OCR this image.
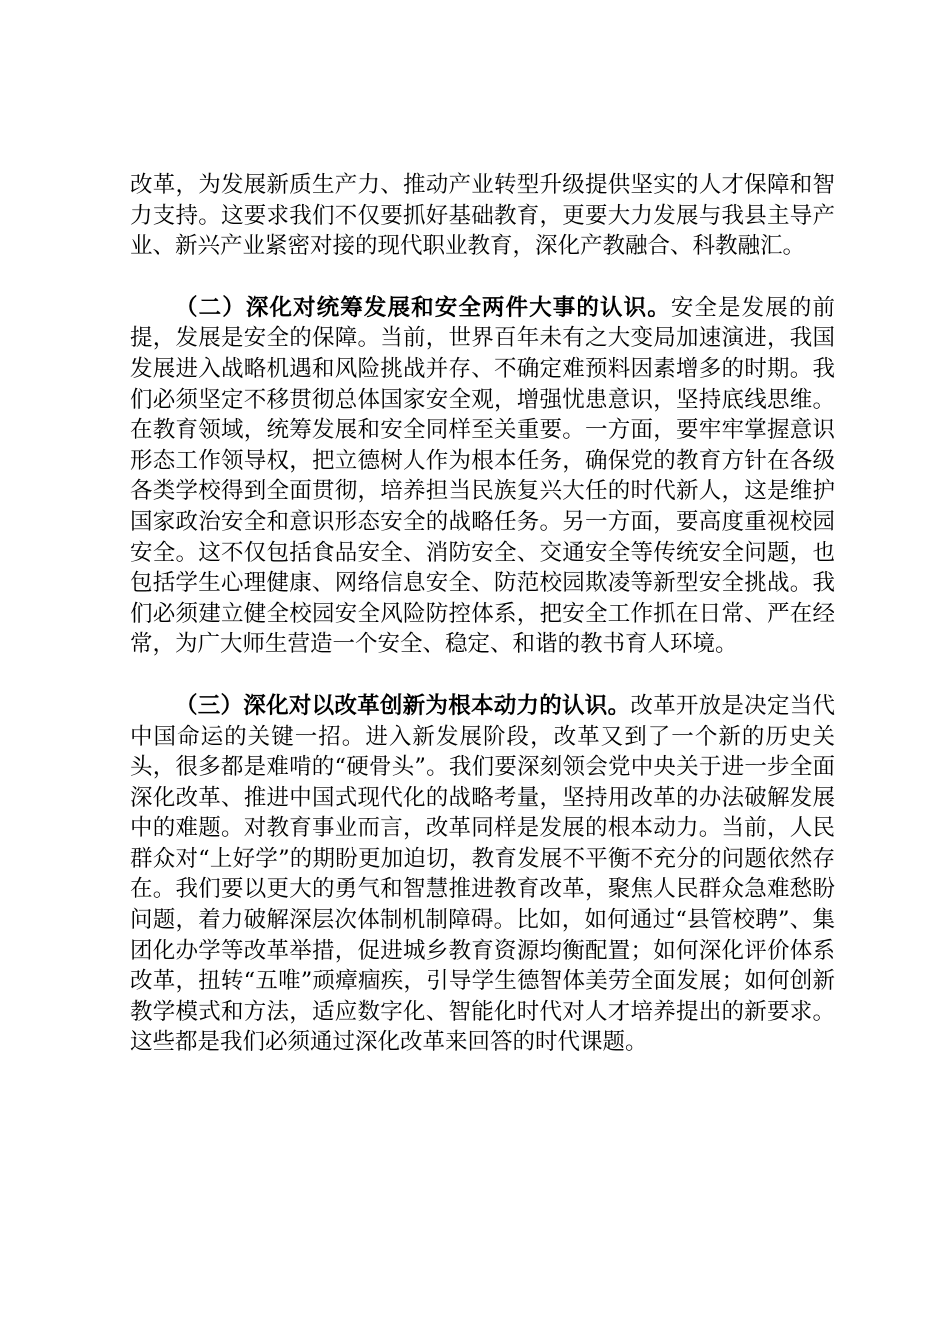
改革，为发展新质生产力、推动产业转型升级提供坚实的人才保障和智力支持。这要求我们不仅要抓好基础教育，更要大力发展与我县主导产业、新兴产业紧密对接的现代职业教育，深化产教融合、科教融汇。

（二）深化对统筹发展和安全两件大事的认识。安全是发展的前提，发展是安全的保障。当前，世界百年未有之大变局加速演进，我国发展进入战略机遇和风险挑战并存、不确定难预料因素增多的时期。我们必须坚定不移贯彻总体国家安全观，增强忧患意识，坚持底线思维。在教育领域，统筹发展和安全同样至关重要。一方面，要牢牢掌握意识形态工作领导权，把立德树人作为根本任务，确保党的教育方针在各级各类学校得到全面贯彻，培养担当民族复兴大任的时代新人，这是维护国家政治安全和意识形态安全的战略任务。另一方面，要高度重视校园安全。这不仅包括食品安全、消防安全、交通安全等传统安全问题，也包括学生心理健康、网络信息安全、防范校园欺凌等新型安全挑战。我们必须建立健全校园安全风险防控体系，把安全工作抓在日常、严在经常，为广大师生营造一个安全、稳定、和谐的教书育人环境。

（三）深化对以改革创新为根本动力的认识。改革开放是决定当代中国命运的关键一招。进入新发展阶段，改革又到了一个新的历史关头，很多都是难啃的“硬骨头”。我们要深刻领会党中央关于进一步全面深化改革、推进中国式现代化的战略考量，坚持用改革的办法破解发展中的难题。对教育事业而言，改革同样是发展的根本动力。当前，人民群众对“上好学”的期盼更加迫切，教育发展不平衡不充分的问题依然存在。我们要以更大的勇气和智慧推进教育改革，聚焦人民群众急难愁盼问题，着力破解深层次体制机制障碍。比如，如何通过“县管校聘”、集团化办学等改革举措，促进城乡教育资源均衡配置；如何深化评价体系改革，扭转“五唯”顽瘴痼疾，引导学生德智体美劳全面发展；如何创新教学模式和方法，适应数字化、智能化时代对人才培养提出的新要求。这些都是我们必须通过深化改革来回答的时代课题。
